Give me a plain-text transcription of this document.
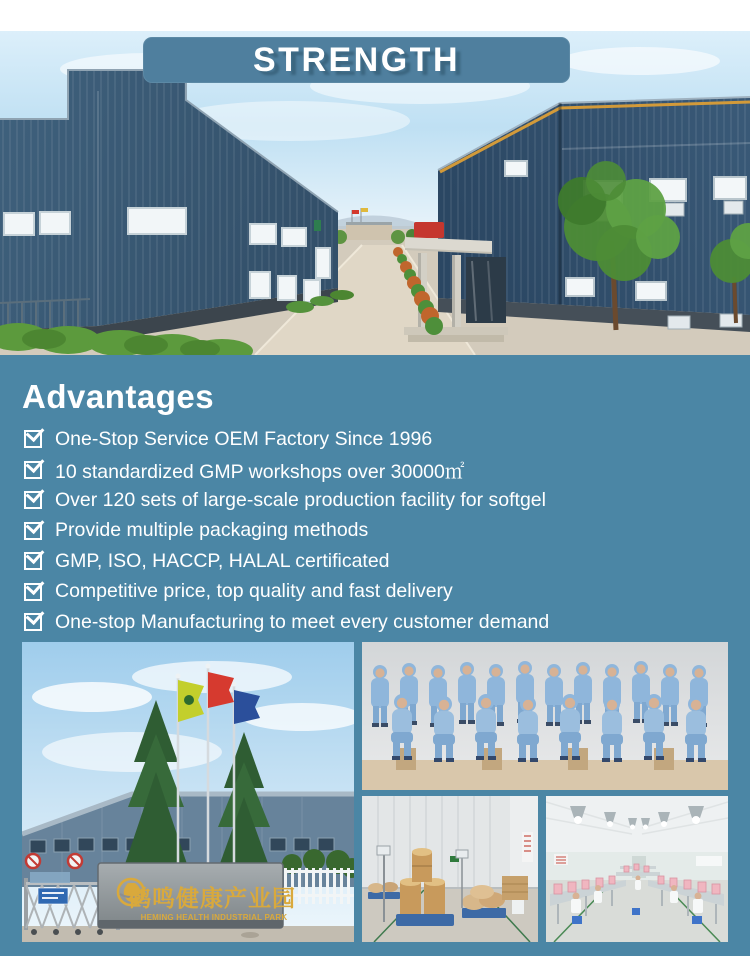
STRENGTH
Advantages
One-Stop Service OEM Factory Since 1996
10 standardized GMP workshops over 30000㎡
Over 120 sets of large-scale production facility for softgel
Provide multiple packaging methods
GMP, ISO, HACCP, HALAL certificated
Competitive price, top quality and fast delivery
One-stop Manufacturing to meet every customer demand
鹤鸣健康产业园
HEMING HEALTH INDUSTRIAL PARK
